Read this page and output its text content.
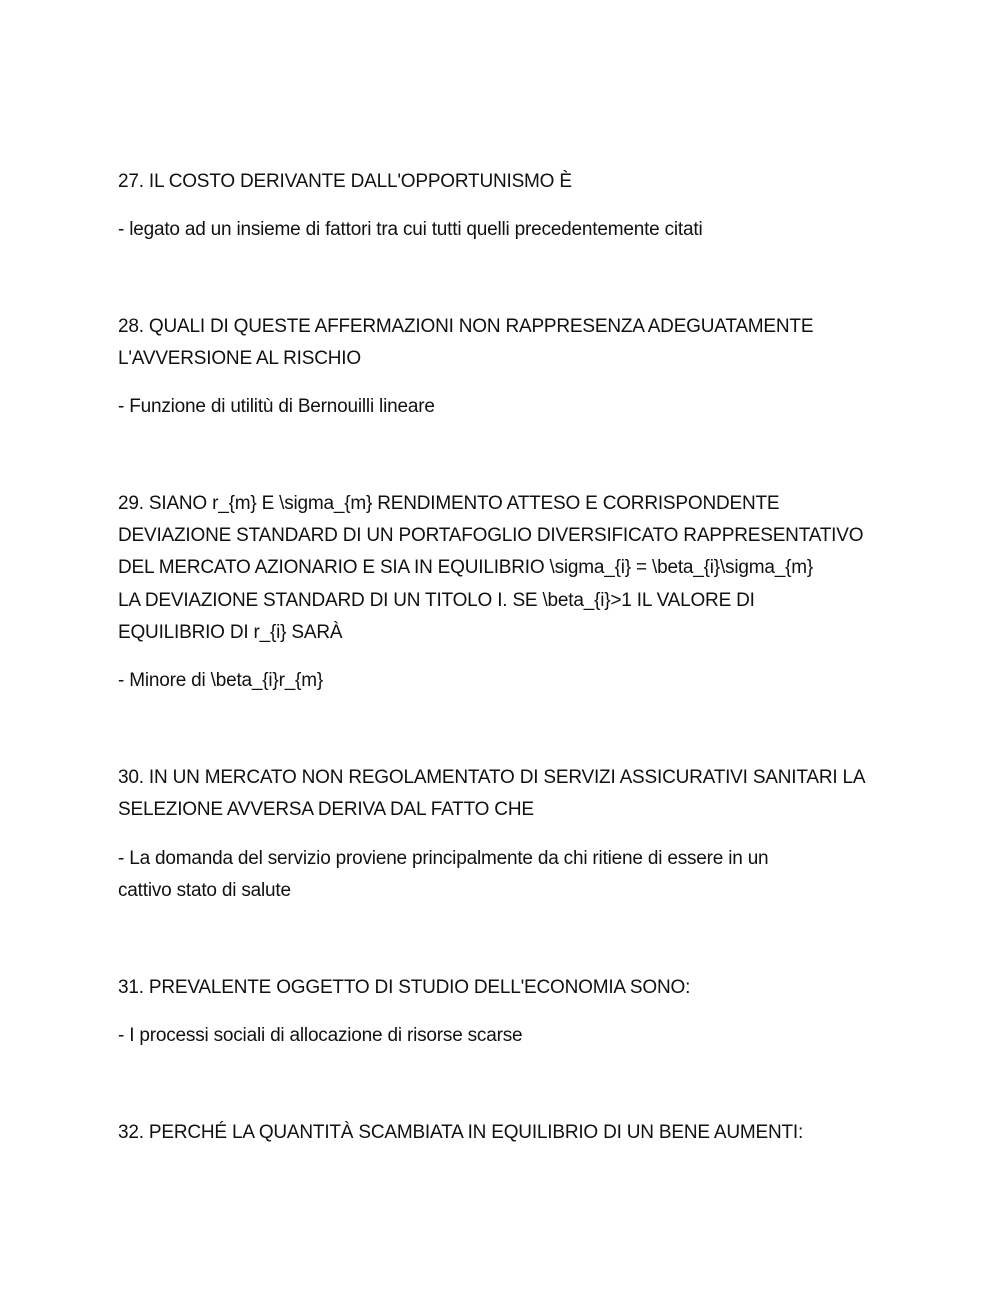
27. IL COSTO DERIVANTE DALL'OPPORTUNISMO È
- legato ad un insieme di fattori tra cui tutti quelli precedentemente citati
28. QUALI DI QUESTE AFFERMAZIONI NON RAPPRESENZA ADEGUATAMENTE
L'AVVERSIONE AL RISCHIO
- Funzione di utilitù di Bernouilli lineare
29. SIANO r_{m} E \sigma_{m} RENDIMENTO ATTESO E CORRISPONDENTE
DEVIAZIONE STANDARD DI UN PORTAFOGLIO DIVERSIFICATO RAPPRESENTATIVO
DEL MERCATO AZIONARIO E SIA IN EQUILIBRIO \sigma_{i} = \beta_{i}\sigma_{m}
LA DEVIAZIONE STANDARD DI UN TITOLO I. SE \beta_{i}>1 IL VALORE DI
EQUILIBRIO DI r_{i} SARÀ
- Minore di \beta_{i}r_{m}
30. IN UN MERCATO NON REGOLAMENTATO DI SERVIZI ASSICURATIVI SANITARI LA
SELEZIONE AVVERSA DERIVA DAL FATTO CHE
- La domanda del servizio proviene principalmente da chi ritiene di essere in un
cattivo stato di salute
31. PREVALENTE OGGETTO DI STUDIO DELL'ECONOMIA SONO:
- I processi sociali di allocazione di risorse scarse
32. PERCHÉ LA QUANTITÀ SCAMBIATA IN EQUILIBRIO DI UN BENE AUMENTI:
